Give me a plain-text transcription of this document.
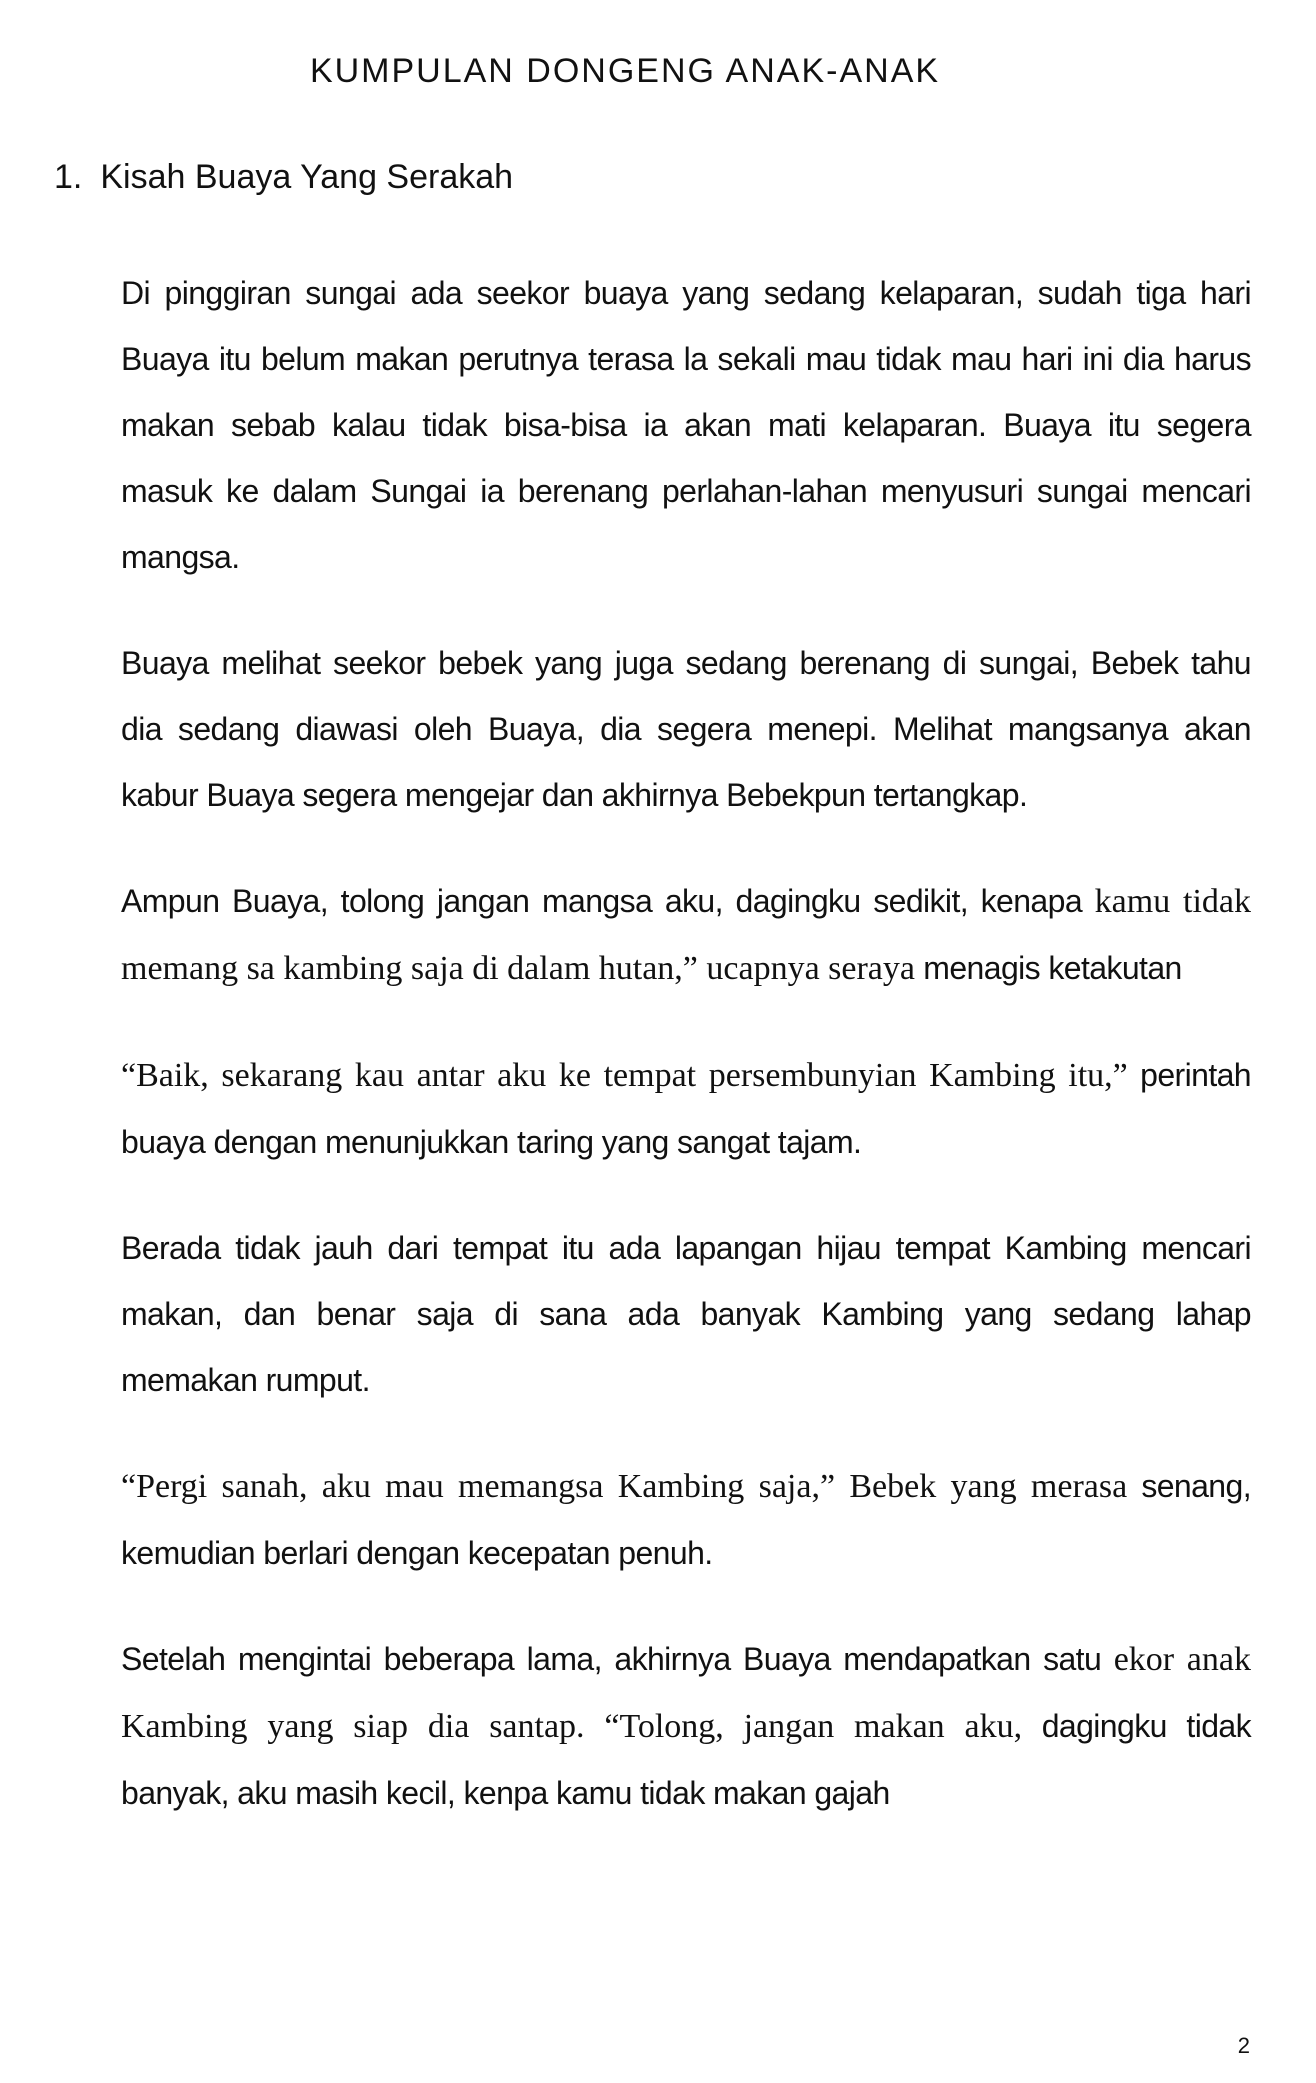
KUMPULAN DONGENG ANAK-ANAK
1. Kisah Buaya Yang Serakah

Di pinggiran sungai ada seekor buaya yang sedang kelaparan, sudah tiga hari Buaya itu belum makan perutnya terasa la sekali mau tidak mau hari ini dia harus makan sebab kalau tidak bisa-bisa ia akan mati kelaparan. Buaya itu segera masuk ke dalam Sungai ia berenang perlahan-lahan menyusuri sungai mencari mangsa.

Buaya melihat seekor bebek yang juga sedang berenang di sungai, Bebek tahu dia sedang diawasi oleh Buaya, dia segera menepi. Melihat mangsanya akan kabur Buaya segera mengejar dan akhirnya Bebekpun tertangkap.

Ampun Buaya, tolong jangan mangsa aku, dagingku sedikit, kenapa kamu tidak memang sa kambing saja di dalam hutan,” ucapnya seraya menagis ketakutan

“Baik, sekarang kau antar aku ke tempat persembunyian Kambing itu,” perintah buaya dengan menunjukkan taring yang sangat tajam.

Berada tidak jauh dari tempat itu ada lapangan hijau tempat Kambing mencari makan, dan benar saja di sana ada banyak Kambing yang sedang lahap memakan rumput.

“Pergi sanah, aku mau memangsa Kambing saja,” Bebek yang merasa senang, kemudian berlari dengan kecepatan penuh.

Setelah mengintai beberapa lama, akhirnya Buaya mendapatkan satu ekor anak Kambing yang siap dia santap. “Tolong, jangan makan aku, dagingku tidak banyak, aku masih kecil, kenpa kamu tidak makan gajah

2
